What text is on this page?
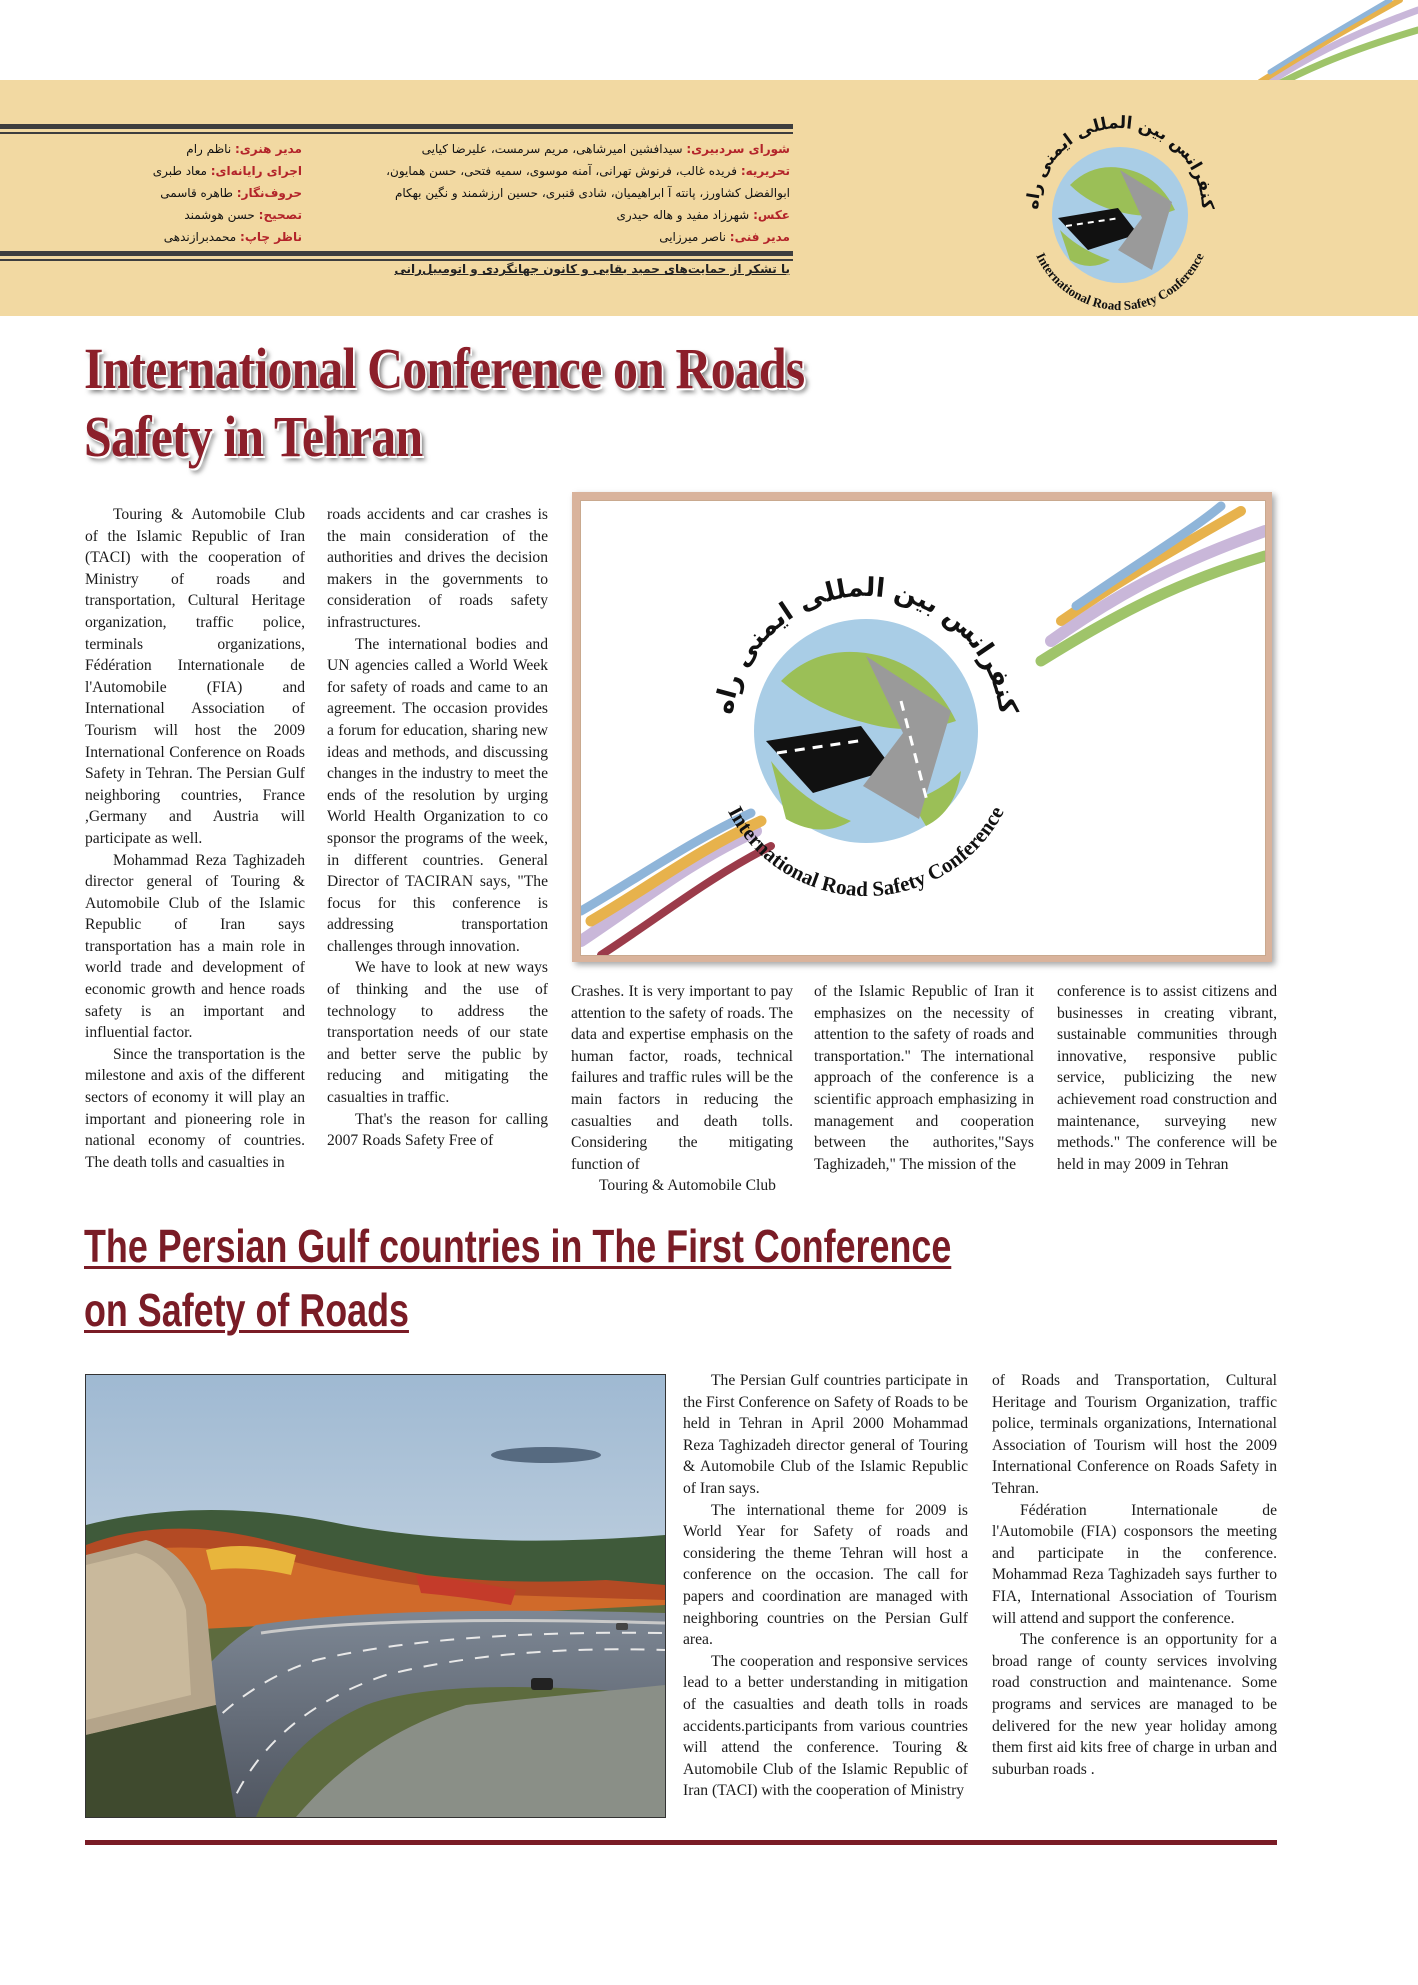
شورای سردبیری: سیدافشین امیرشاهی، مریم سرمست، علیرضا کیایی
تحریریه: فریده غالب، فرنوش تهرانی، آمنه موسوی، سمیه فتحی، حسن همایون،
ابوالفضل کشاورز، پانته آ ابراهیمیان، شادی قنبری، حسین ارزشمند و نگین بهکام
عکس: شهرزاد مفید و هاله حیدری
مدیر فنی: ناصر میرزایی
مدیر هنری: ناظم رام
اجرای رایانه‌ای: معاد طبری
حروف‌نگار: طاهره قاسمی
تصحیح: حسن هوشمند
ناظر چاپ: محمدبرازندهی
با تشکر از حمایت‌های حمید بقایی و کانون جهانگردی و اتومبیل‌رانی
کنفرانس بین المللی ایمنی راه
International Road Safety Conference
International Conference on Roads
Safety in Tehran

Touring & Automobile Club of the Islamic Republic of Iran (TACI) with the cooperation of Ministry of roads and transportation, Cultural Heritage organization, traffic police, terminals organizations, Fédération Internationale de l'Automobile (FIA) and International Association of Tourism will host the 2009 International Conference on Roads Safety in Tehran. The Persian Gulf neighboring countries, France ,Germany and Austria will participate as well.

Mohammad Reza Taghizadeh director general of Touring & Automobile Club of the Islamic Republic of Iran says transportation has a main role in world trade and development of economic growth and hence roads safety is an important and influential factor.

Since the transportation is the milestone and axis of the different sectors of economy it will play an important and pioneering role in national economy of countries. The death tolls and casualties in

roads accidents and car crashes is the main consideration of the authorities and drives the decision makers in the governments to consideration of roads safety infrastructures.

The international bodies and UN agencies called a World Week for safety of roads and came to an agreement. The occasion provides a forum for education, sharing new ideas and methods, and discussing changes in the industry to meet the ends of the resolution by urging World Health Organization to co sponsor the programs of the week, in different countries. General Director of TACIRAN says, "The focus for this conference is addressing transportation challenges through innovation.

We have to look at new ways of thinking and the use of technology to address the transportation needs of our state and better serve the public by reducing and mitigating the casualties in traffic.

That's the reason for calling 2007 Roads Safety Free of

کنفرانس بین المللی ایمنی راه
International Road Safety Conference

Crashes. It is very important to pay attention to the safety of roads. The data and expertise emphasis on the human factor, roads, technical failures and traffic rules will be the main factors in reducing the casualties and death tolls. Considering the mitigating function of

Touring & Automobile Club

of the Islamic Republic of Iran it emphasizes on the necessity of attention to the safety of roads and transportation." The international approach of the conference is a scientific approach emphasizing in management and cooperation between the authorites,"Says Taghizadeh," The mission of the

conference is to assist citizens and businesses in creating vibrant, sustainable communities through innovative, responsive public service, publicizing the new achievement road construction and maintenance, surveying new methods." The conference will be held in may 2009 in Tehran

The Persian Gulf countries in The First Conference
on Safety of Roads

The Persian Gulf countries participate in the First Conference on Safety of Roads to be held in Tehran in April 2000 Mohammad Reza Taghizadeh director general of Touring & Automobile Club of the Islamic Republic of Iran says.

The international theme for 2009 is World Year for Safety of roads and considering the theme Tehran will host a conference on the occasion. The call for papers and coordination are managed with neighboring countries on the Persian Gulf area.

The cooperation and responsive services lead to a better understanding in mitigation of the casualties and death tolls in roads accidents.participants from various countries will attend the conference. Touring & Automobile Club of the Islamic Republic of Iran (TACI) with the cooperation of Ministry

of Roads and Transportation, Cultural Heritage and Tourism Organization, traffic police, terminals organizations, International Association of Tourism will host the 2009 International Conference on Roads Safety in Tehran.

Fédération Internationale de l'Automobile (FIA) cosponsors the meeting and participate in the conference. Mohammad Reza Taghizadeh says further to FIA, International Association of Tourism will attend and support the conference.

The conference is an opportunity for a broad range of county services involving road construction and maintenance. Some programs and services are managed to be delivered for the new year holiday among them first aid kits free of charge in urban and suburban roads .
